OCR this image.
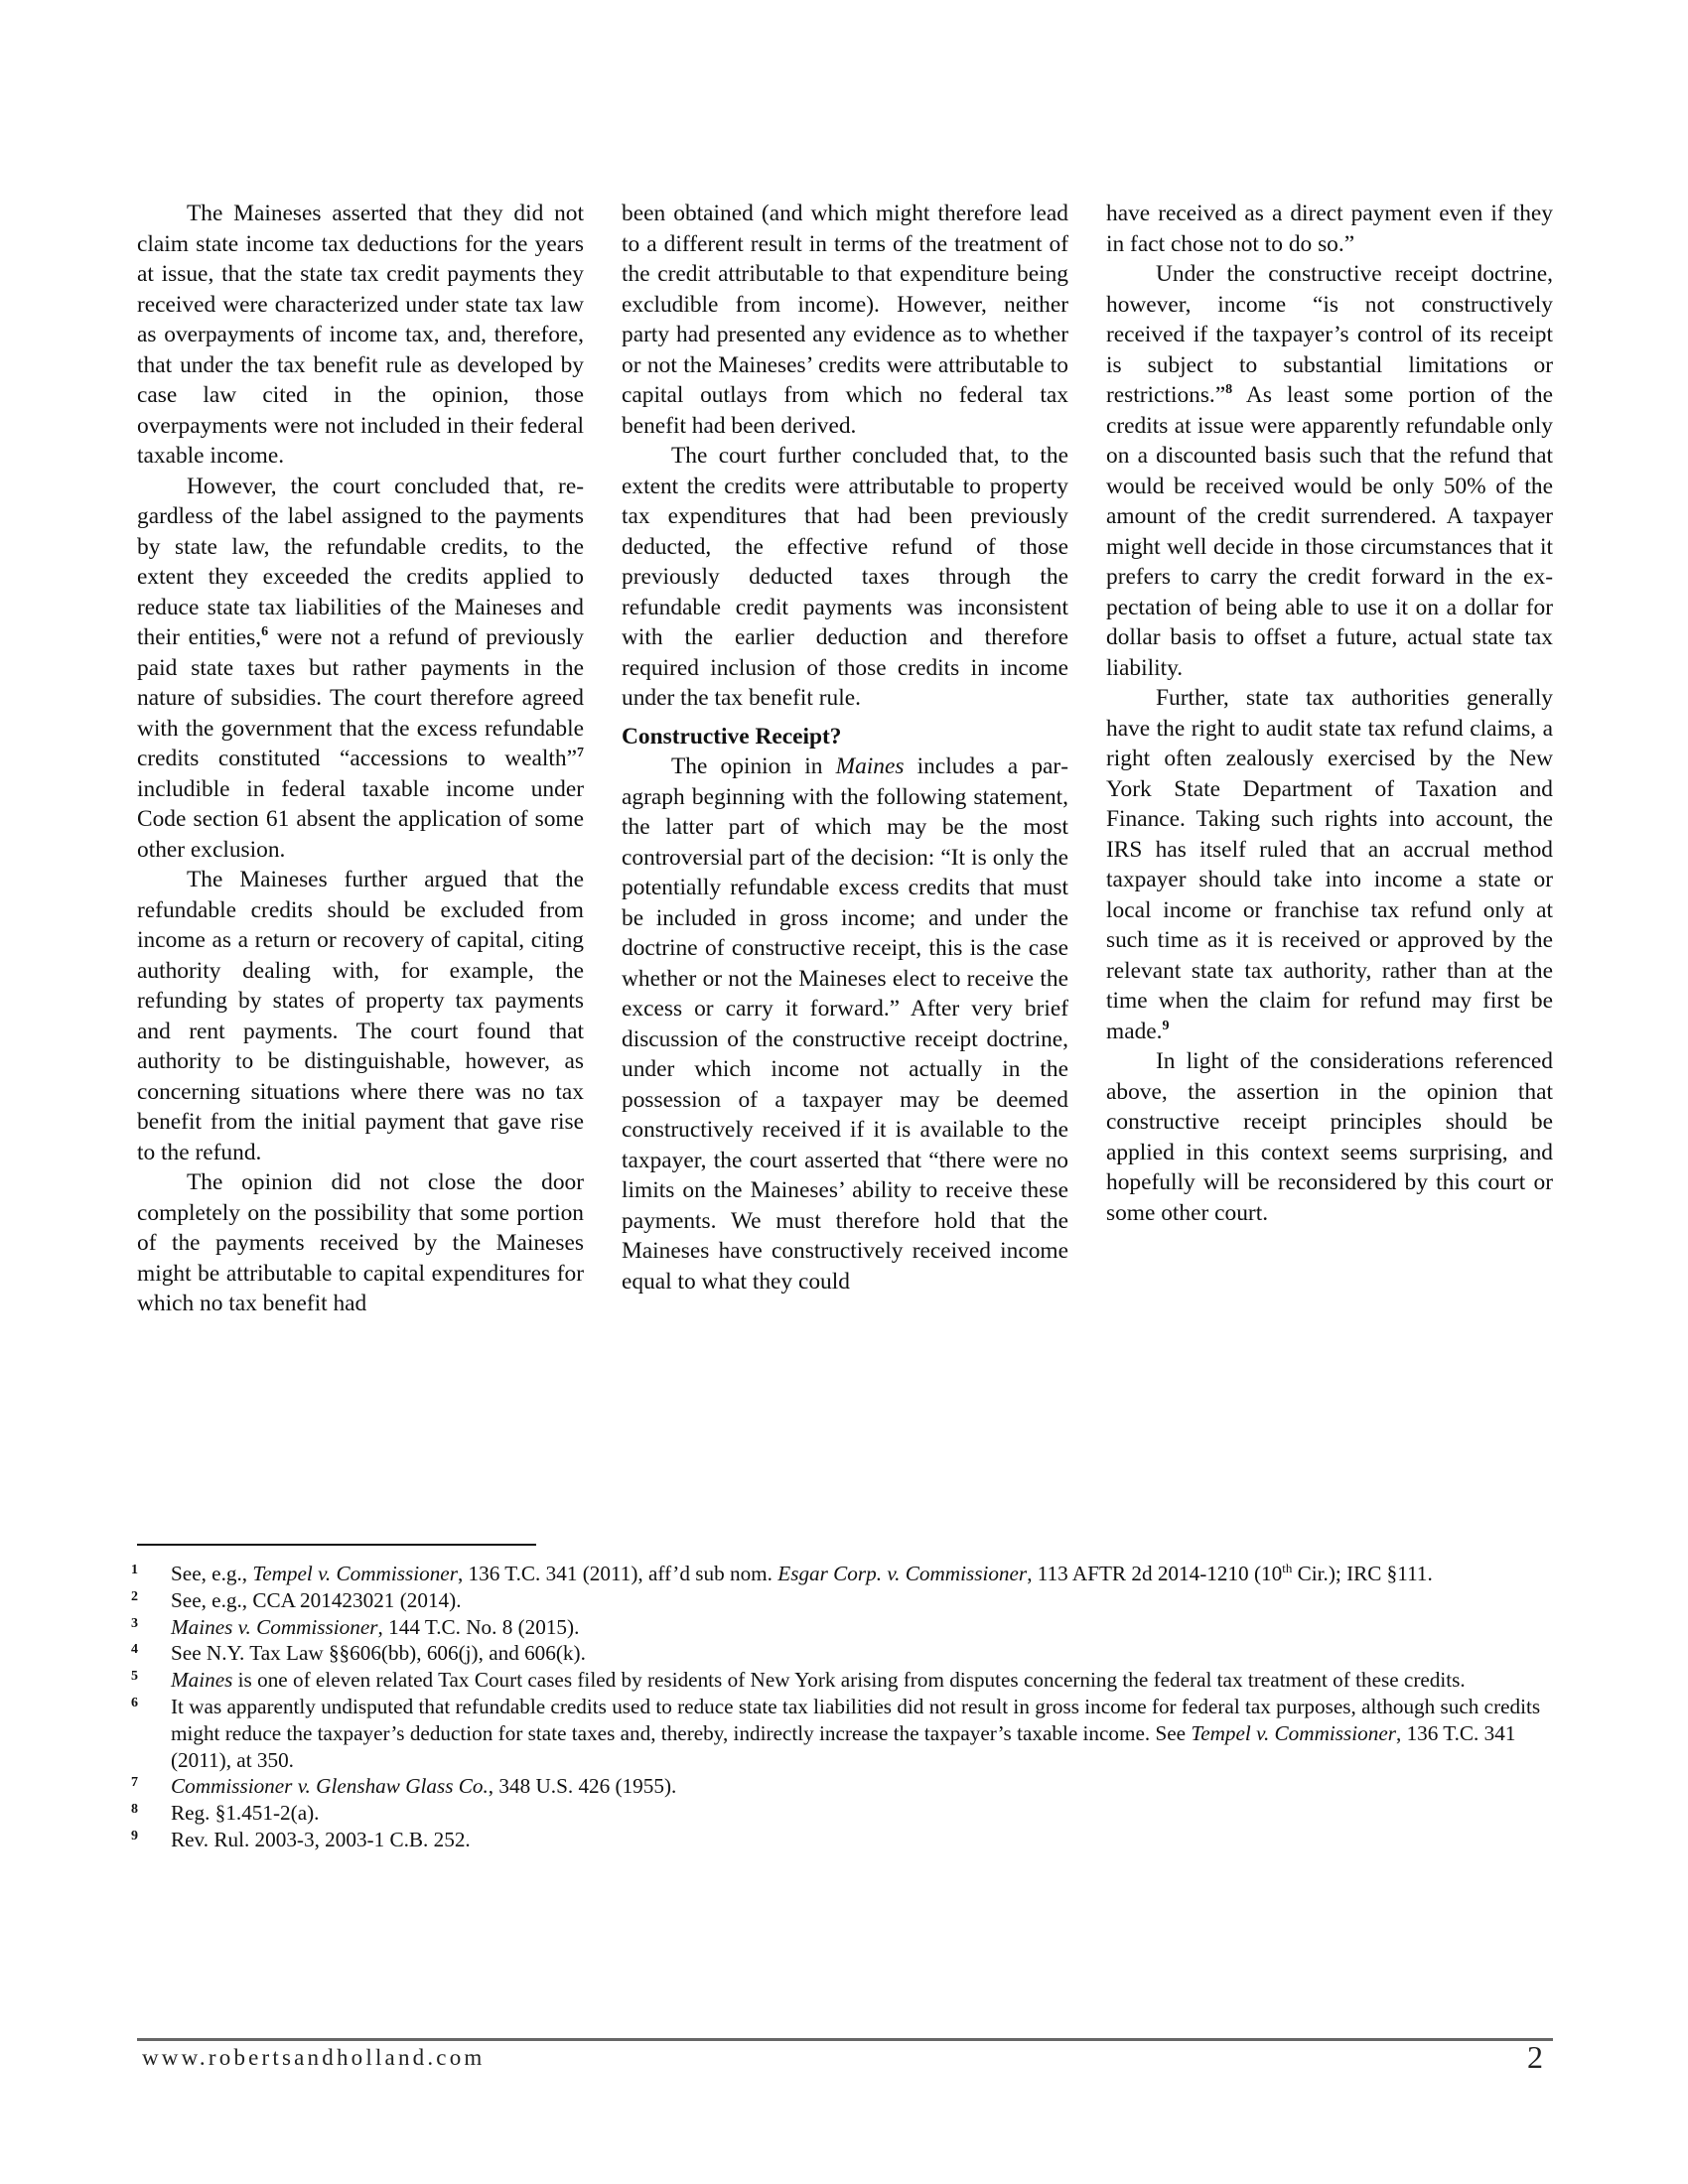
The Maineses asserted that they did not claim state income tax deductions for the years at issue, that the state tax credit payments they received were characterized under state tax law as overpayments of income tax, and, therefore, that under the tax benefit rule as developed by case law cited in the opinion, those overpayments were not included in their federal taxable income.

However, the court concluded that, regardless of the label assigned to the payments by state law, the refundable credits, to the extent they exceeded the credits applied to reduce state tax liabilities of the Maineses and their entities,$^6$ were not a refund of previously paid state taxes but rather payments in the nature of subsidies. The court therefore agreed with the government that the excess refundable credits constituted “accessions to wealth”$^7$ includible in federal taxable income under Code section 61 absent the application of some other exclusion.

The Maineses further argued that the refundable credits should be excluded from income as a return or recovery of capital, citing authority dealing with, for example, the refunding by states of property tax payments and rent payments. The court found that authority to be distinguishable, however, as concerning situations where there was no tax benefit from the initial payment that gave rise to the refund.

The opinion did not close the door completely on the possibility that some portion of the payments received by the Maineses might be attributable to capital expenditures for which no tax benefit had

been obtained (and which might therefore lead to a different result in terms of the treatment of the credit attributable to that expenditure being excludible from income). However, neither party had presented any evidence as to whether or not the Maineses’ credits were attributable to capital outlays from which no federal tax benefit had been derived.

The court further concluded that, to the extent the credits were attributable to property tax expenditures that had been previously deducted, the effective refund of those previously deducted taxes through the refundable credit payments was inconsistent with the earlier deduction and therefore required inclusion of those credits in income under the tax benefit rule.

Constructive Receipt?

The opinion in Maines includes a paragraph beginning with the following statement, the latter part of which may be the most controversial part of the decision: “It is only the potentially refundable excess credits that must be included in gross income; and under the doctrine of constructive receipt, this is the case whether or not the Maineses elect to receive the excess or carry it forward.” After very brief discussion of the constructive receipt doctrine, under which income not actually in the possession of a taxpayer may be deemed constructively received if it is available to the taxpayer, the court asserted that “there were no limits on the Maineses’ ability to receive these payments. We must therefore hold that the Maineses have constructively received income equal to what they could

have received as a direct payment even if they in fact chose not to do so.”

Under the constructive receipt doctrine, however, income “is not constructively received if the taxpayer’s control of its receipt is subject to substantial limitations or restrictions.”$^8$ As least some portion of the credits at issue were apparently refundable only on a discounted basis such that the refund that would be received would be only 50% of the amount of the credit surrendered. A taxpayer might well decide in those circumstances that it prefers to carry the credit forward in the expectation of being able to use it on a dollar for dollar basis to offset a future, actual state tax liability.

Further, state tax authorities generally have the right to audit state tax refund claims, a right often zealously exercised by the New York State Department of Taxation and Finance. Taking such rights into account, the IRS has itself ruled that an accrual method taxpayer should take into income a state or local income or franchise tax refund only at such time as it is received or approved by the relevant state tax authority, rather than at the time when the claim for refund may first be made.$^9$

In light of the considerations referenced above, the assertion in the opinion that constructive receipt principles should be applied in this context seems surprising, and hopefully will be reconsidered by this court or some other court.

1 See, e.g., Tempel v. Commissioner, 136 T.C. 341 (2011), aff’d sub nom. Esgar Corp. v. Commissioner, 113 AFTR 2d 2014-1210 (10th Cir.); IRC §111.
2 See, e.g., CCA 201423021 (2014).
3 Maines v. Commissioner, 144 T.C. No. 8 (2015).
4 See N.Y. Tax Law §§606(bb), 606(j), and 606(k).
5 Maines is one of eleven related Tax Court cases filed by residents of New York arising from disputes concerning the federal tax treatment of these credits.
6 It was apparently undisputed that refundable credits used to reduce state tax liabilities did not result in gross income for federal tax purposes, although such credits might reduce the taxpayer’s deduction for state taxes and, thereby, indirectly increase the taxpayer’s taxable income. See Tempel v. Commissioner, 136 T.C. 341 (2011), at 350.
7 Commissioner v. Glenshaw Glass Co., 348 U.S. 426 (1955).
8 Reg. §1.451-2(a).
9 Rev. Rul. 2003-3, 2003-1 C.B. 252.
www.robertsandholland.com	2
